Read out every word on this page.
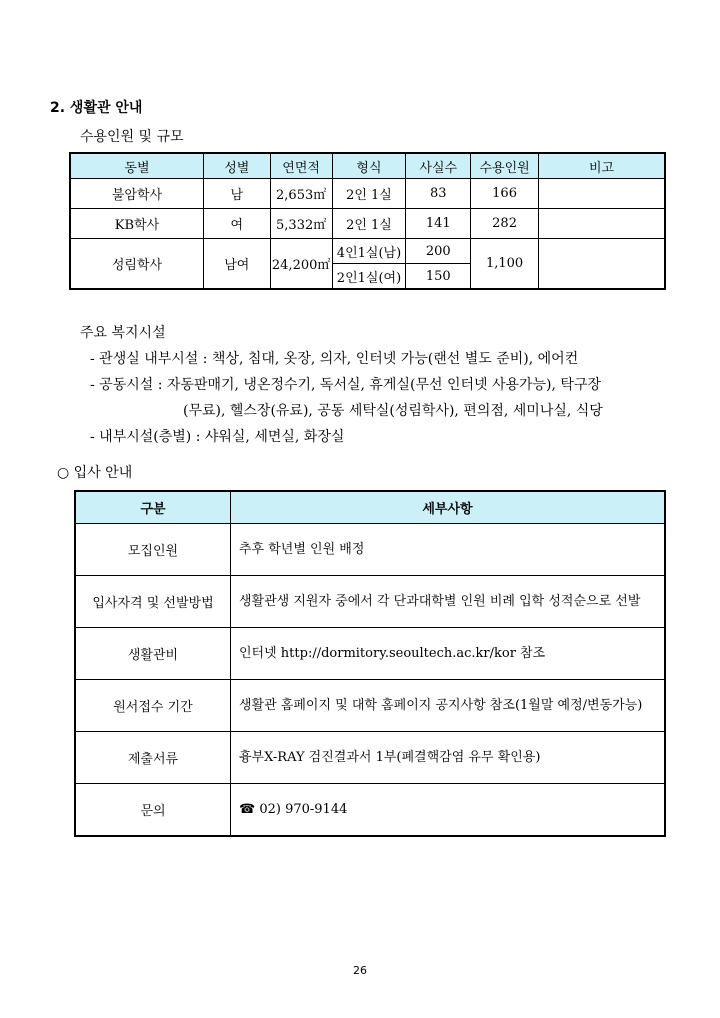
2. 생활관 안내
수용인원 및 규모
동별	성별	연면적	형식	사실수	수용인원	비고
불암학사	남	2,653㎡	2인 1실	83	166	
KB학사	여	5,332㎡	2인 1실	141	282	
성림학사	남여	24,200㎡	4인1실(남)	200	1,100	
			2인1실(여)	150		
주요 복지시설
- 관생실 내부시설 : 책상, 침대, 옷장, 의자, 인터넷 가능(랜선 별도 준비), 에어컨
- 공동시설 : 자동판매기, 냉온정수기, 독서실, 휴게실(무선 인터넷 사용가능), 탁구장
(무료), 헬스장(유료), 공동 세탁실(성림학사), 편의점, 세미나실, 식당
- 내부시설(층별) : 샤워실, 세면실, 화장실
○ 입사 안내
구분	세부사항
모집인원	추후 학년별 인원 배정
입사자격 및 선발방법	생활관생 지원자 중에서 각 단과대학별 인원 비례 입학 성적순으로 선발
생활관비	인터넷 http://dormitory.seoultech.ac.kr/kor 참조
원서접수 기간	생활관 홈페이지 및 대학 홈페이지 공지사항 참조(1월말 예정/변동가능)
제출서류	흉부X-RAY 검진결과서 1부(폐결핵감염 유무 확인용)
문의	☎ 02) 970-9144
26
